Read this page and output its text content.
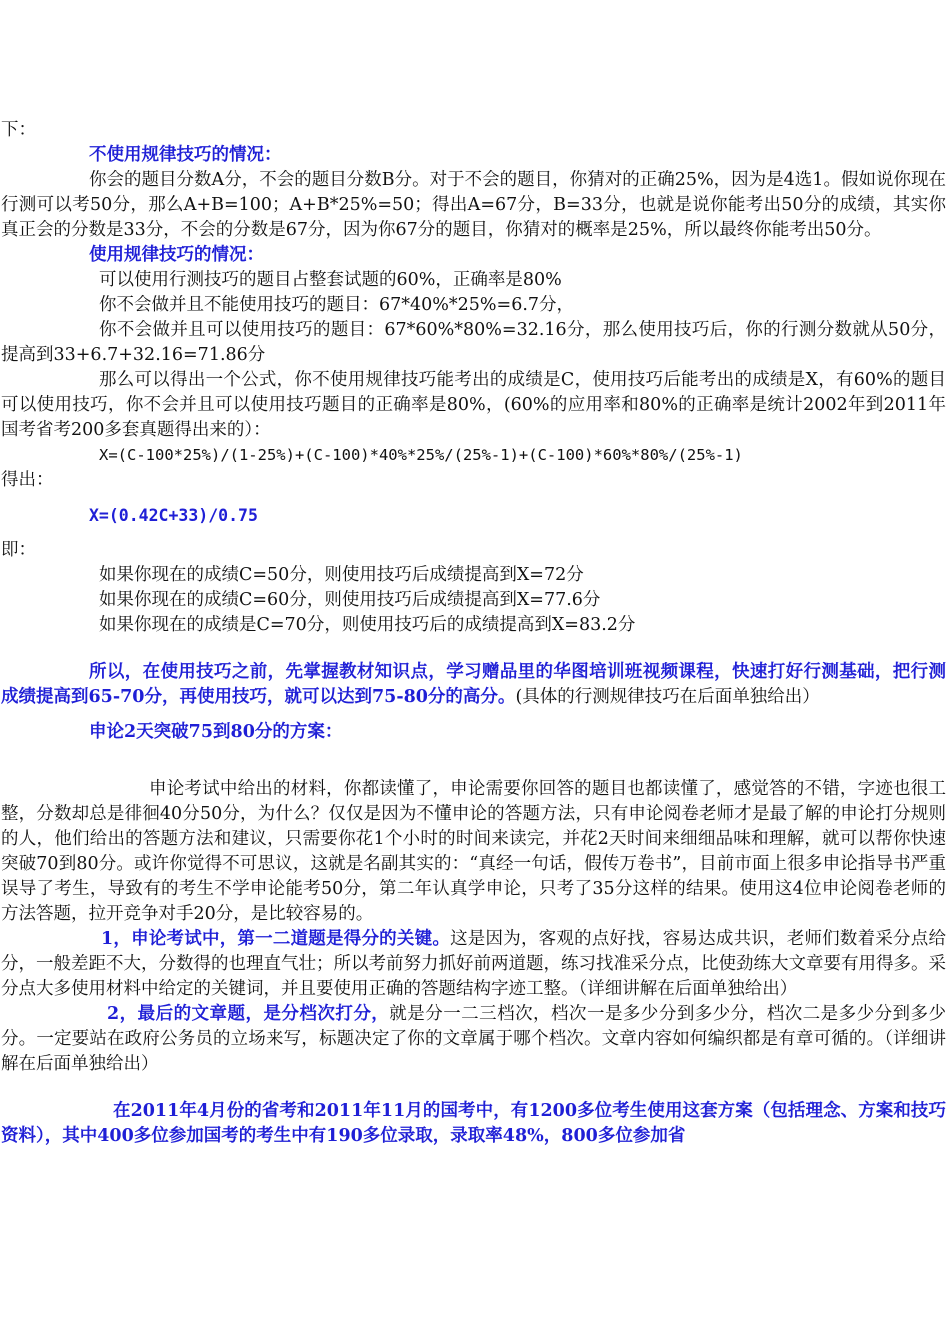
下：
不使用规律技巧的情况：

你会的题目分数A分，不会的题目分数B分。对于不会的题目，你猜对的正确25%，因为是4选1。假如说你现在行测可以考50分，那么A+B=100；A+B*25%=50；得出A=67分，B=33分，也就是说你能考出50分的成绩，其实你真正会的分数是33分，不会的分数是67分，因为你67分的题目，你猜对的概率是25%，所以最终你能考出50分。

使用规律技巧的情况：
可以使用行测技巧的题目占整套试题的60%，正确率是80%
你不会做并且不能使用技巧的题目：67*40%*25%=6.7分，

你不会做并且可以使用技巧的题目：67*60%*80%=32.16分，那么使用技巧后，你的行测分数就从50分，提高到33+6.7+32.16=71.86分

那么可以得出一个公式，你不使用规律技巧能考出的成绩是C，使用技巧后能考出的成绩是X，有60%的题目可以使用技巧，你不会并且可以使用技巧题目的正确率是80%，(60%的应用率和80%的正确率是统计2002年到2011年国考省考200多套真题得出来的）：

X=(C-100*25%)/(1-25%)+(C-100)*40%*25%/(25%-1)+(C-100)*60%*80%/(25%-1)
得出：
X=(0.42C+33)/0.75
即：
如果你现在的成绩C=50分，则使用技巧后成绩提高到X=72分
如果你现在的成绩C=60分，则使用技巧后成绩提高到X=77.6分
如果你现在的成绩是C=70分，则使用技巧后的成绩提高到X=83.2分

所以，在使用技巧之前，先掌握教材知识点，学习赠品里的华图培训班视频课程，快速打好行测基础，把行测成绩提高到65-70分，再使用技巧，就可以达到75-80分的高分。(具体的行测规律技巧在后面单独给出）

申论2天突破75到80分的方案：

申论考试中给出的材料，你都读懂了，申论需要你回答的题目也都读懂了，感觉答的不错，字迹也很工整，分数却总是徘徊40分50分，为什么？仅仅是因为不懂申论的答题方法，只有申论阅卷老师才是最了解的申论打分规则的人，他们给出的答题方法和建议，只需要你花1个小时的时间来读完，并花2天时间来细细品味和理解，就可以帮你快速突破70到80分。或许你觉得不可思议，这就是名副其实的：“真经一句话，假传万卷书”，目前市面上很多申论指导书严重误导了考生，导致有的考生不学申论能考50分，第二年认真学申论，只考了35分这样的结果。使用这4位申论阅卷老师的方法答题，拉开竞争对手20分，是比较容易的。

1，申论考试中，第一二道题是得分的关键。这是因为，客观的点好找，容易达成共识，老师们数着采分点给分，一般差距不大，分数得的也理直气壮；所以考前努力抓好前两道题，练习找准采分点，比使劲练大文章要有用得多。采分点大多使用材料中给定的关键词，并且要使用正确的答题结构字迹工整。（详细讲解在后面单独给出）

2，最后的文章题，是分档次打分，就是分一二三档次，档次一是多少分到多少分，档次二是多少分到多少分。一定要站在政府公务员的立场来写，标题决定了你的文章属于哪个档次。文章内容如何编织都是有章可循的。（详细讲解在后面单独给出）

在2011年4月份的省考和2011年11月的国考中，有1200多位考生使用这套方案（包括理念、方案和技巧资料），其中400多位参加国考的考生中有190多位录取，录取率48%，800多位参加省
